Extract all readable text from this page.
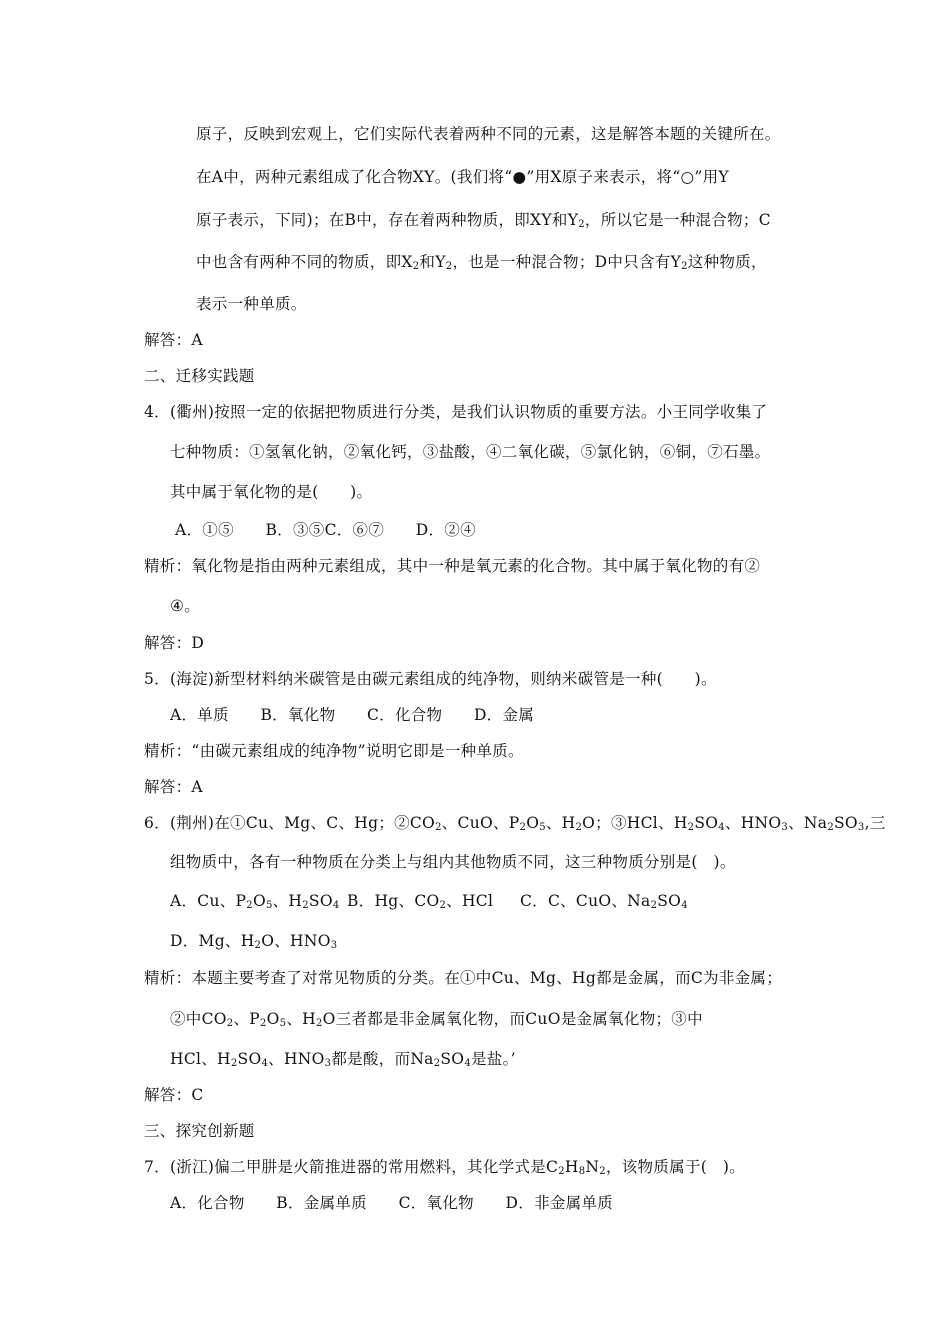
原子，反映到宏观上，它们实际代表着两种不同的元素，这是解答本题的关键所在。
在A中，两种元素组成了化合物XY。(我们将“●”用X原子来表示，将“○”用Y
原子表示，下同)；在B中，存在着两种物质，即XY和$Y_2$，所以它是一种混合物；C
中也含有两种不同的物质，即$X_2$和$Y_2$，也是一种混合物；D中只含有$Y_2$这种物质，
表示一种单质。
解答：A
二、迁移实践题
4．(衢州)按照一定的依据把物质进行分类，是我们认识物质的重要方法。小王同学收集了
七种物质：①氢氧化钠，②氧化钙，③盐酸，④二氧化碳，⑤氯化钠，⑥铜，⑦石墨。
其中属于氧化物的是(　　)。
A．①⑤　　B．③⑤C．⑥⑦　　D．②④
精析：氧化物是指由两种元素组成，其中一种是氧元素的化合物。其中属于氧化物的有②
④。
解答：D
5．(海淀)新型材料纳米碳管是由碳元素组成的纯净物，则纳米碳管是一种(　　)。
A．单质　　B．氧化物　　C．化合物　　D．金属
精析：“由碳元素组成的纯净物”说明它即是一种单质。
解答：A
6．(荆州)在①Cu、Mg、C、Hg；$②CO_2$、CuO、$P_2O_5$、$H_2O$；③HCl、$H_2SO_4$、$HNO_3$、$Na_2SO_3$,三
组物质中，各有一种物质在分类上与组内其他物质不同，这三种物质分别是(　)。
A．Cu、$P_2O_5$、$H_2SO_4$ B．Hg、$CO_2$、HCl C．C、CuO、$Na_2SO_4$
D．Mg、$H_2O$、$HNO_3$
精析：本题主要考查了对常见物质的分类。在①中Cu、Mg、Hg都是金属，而C为非金属；
②中$CO_2$、$P_2O_5$、$H_2O$三者都是非金属氧化物，而CuO是金属氧化物；③中
HCl、$H_2SO_4$、$HNO_3$都是酸，而$Na_2SO_4$是盐。’
解答：C
三、探究创新题
7．(浙江)偏二甲肼是火箭推进器的常用燃料，其化学式是$C_2H_8N_2$，该物质属于(　)。
A．化合物　　B．金属单质　　C．氧化物　　D．非金属单质
